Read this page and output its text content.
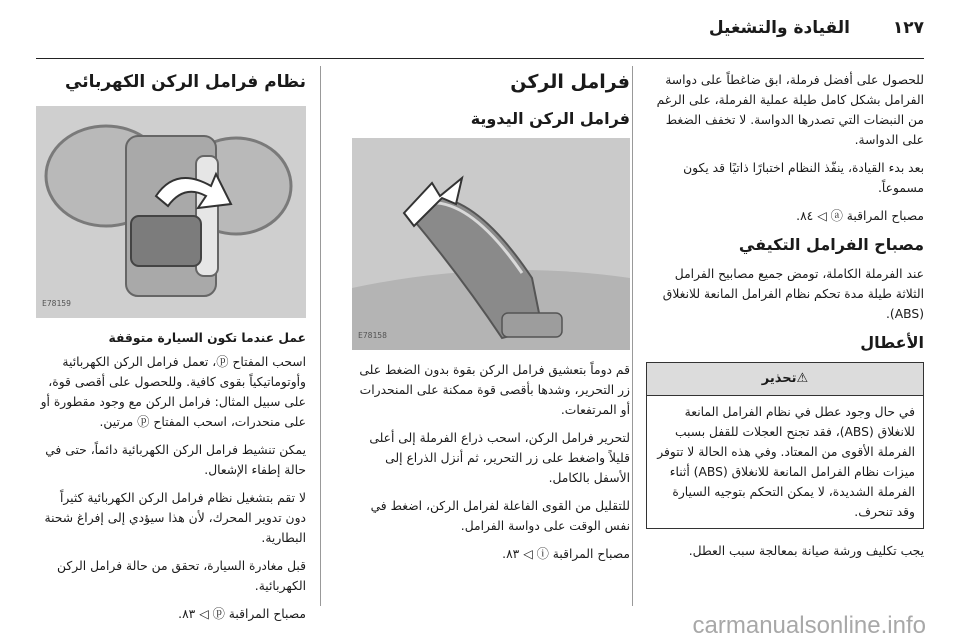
١٢٧
القيادة والتشغيل

للحصول على أفضل فرملة، ابق ضاغطاً على دواسة الفرامل بشكل كامل طيلة عملية الفرملة، على الرغم من النبضات التي تصدرها الدواسة. لا تخفف الضغط على الدواسة.

بعد بدء القيادة، ينفّذ النظام اختبارًا ذاتيًا قد يكون مسموعاً.

مصباح المراقبة ⓐ ◁ ٨٤.

مصباح الفرامل التكيفي

عند الفرملة الكاملة، تومض جميع مصابيح الفرامل الثلاثة طيلة مدة تحكم نظام الفرامل المانعة للانغلاق (ABS).

الأعطال
⚠تحذير
في حال وجود عطل في نظام الفرامل المانعة للانغلاق (ABS)، فقد تجنح العجلات للقفل بسبب الفرملة الأقوى من المعتاد. وفي هذه الحالة لا تتوفر ميزات نظام الفرامل المانعة للانغلاق (ABS) أثناء الفرملة الشديدة، لا يمكن التحكم بتوجيه السيارة وقد تنحرف.

يجب تكليف ورشة صيانة بمعالجة سبب العطل.

فرامل الركن
فرامل الركن اليدوية
E78158

قم دوماً بتعشيق فرامل الركن بقوة بدون الضغط على زر التحرير، وشدها بأقصى قوة ممكنة على المنحدرات أو المرتفعات.

لتحرير فرامل الركن، اسحب ذراع الفرملة إلى أعلى قليلاً واضغط على زر التحرير، ثم أنزل الذراع إلى الأسفل بالكامل.

للتقليل من القوى الفاعلة لفرامل الركن، اضغط في نفس الوقت على دواسة الفرامل.

مصباح المراقبة ⓘ ◁ ٨٣.

نظام فرامل الركن الكهربائي
E78159
عمل عندما تكون السيارة متوقفة

اسحب المفتاح ⓟ، تعمل فرامل الركن الكهربائية وأوتوماتيكياً بقوى كافية. وللحصول على أقصى قوة، على سبيل المثال: فرامل الركن مع وجود مقطورة أو على منحدرات، اسحب المفتاح ⓟ مرتين.

يمكن تنشيط فرامل الركن الكهربائية دائماً، حتى في حالة إطفاء الإشعال.

لا تقم بتشغيل نظام فرامل الركن الكهربائية كثيراً دون تدوير المحرك، لأن هذا سيؤدي إلى إفراغ شحنة البطارية.

قبل مغادرة السيارة، تحقق من حالة فرامل الركن الكهربائية.

مصباح المراقبة ⓟ ◁ ٨٣.	carmanualsonline.info
